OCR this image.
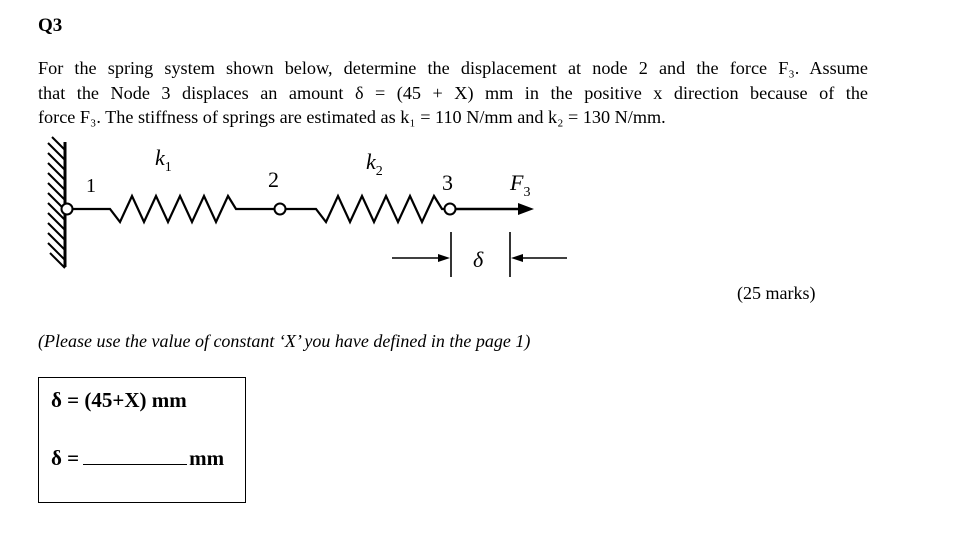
Q3
For the spring system shown below, determine the displacement at node 2 and the force F₃. Assume
that the Node 3 displaces an amount δ = (45 + X) mm in the positive x direction because of the
force F₃. The stiffness of springs are estimated as k₁ = 110 N/mm and k₂ = 130 N/mm.
1	2	3
$k_1$	$k_2$	$F_3$
δ
(25 marks)
(Please use the value of constant ‘X’ you have defined in the page 1)
δ = (45+X) mm
δ =	mm
